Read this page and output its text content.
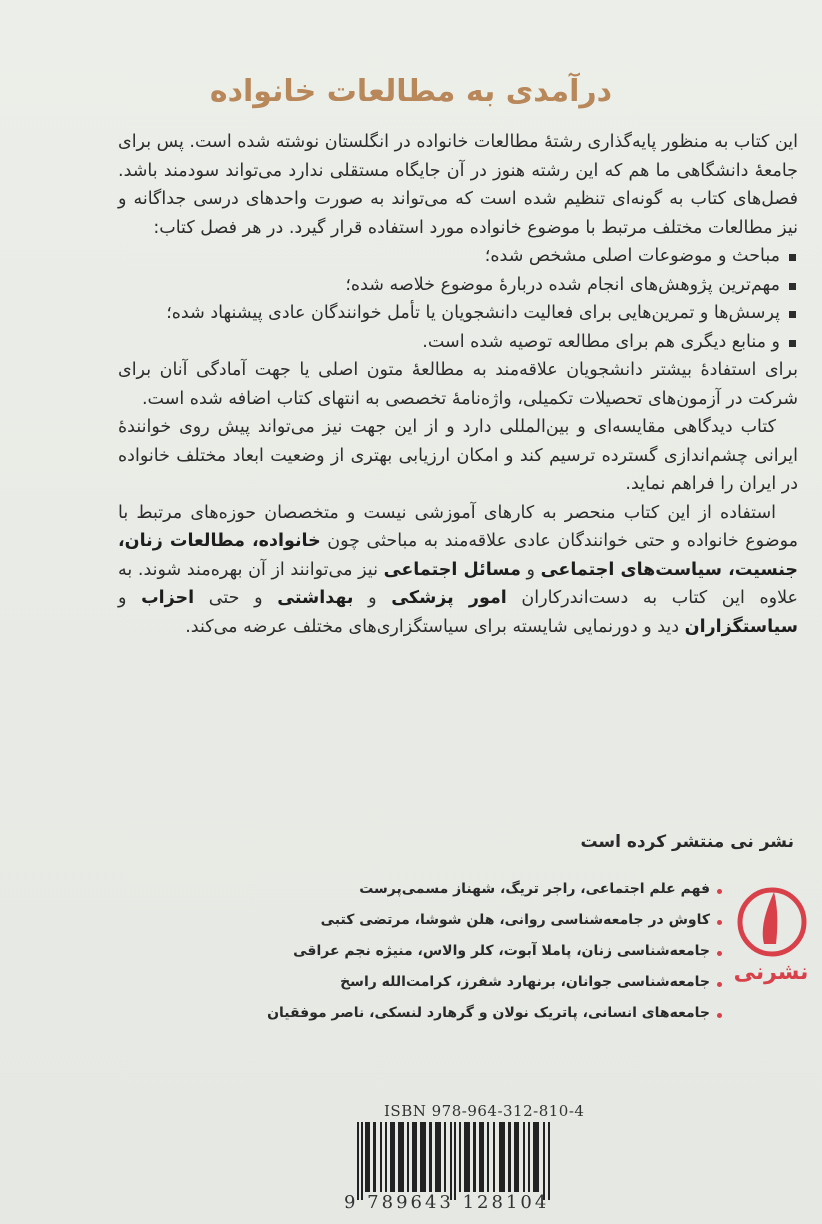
درآمدی به مطالعات خانواده

این کتاب به منظور پایه‌گذاری رشتهٔ مطالعات خانواده در انگلستان نوشته شده است. پس برای جامعهٔ دانشگاهی ما هم که این رشته هنوز در آن جایگاه مستقلی ندارد می‌تواند سودمند باشد. فصل‌های کتاب به گونه‌ای تنظیم شده است که می‌تواند به صورت واحدهای درسی جداگانه و نیز مطالعات مختلف مرتبط با موضوع خانواده مورد استفاده قرار گیرد. در هر فصل کتاب:

مباحث و موضوعات اصلی مشخص شده؛
مهم‌ترین پژوهش‌های انجام شده دربارهٔ موضوع خلاصه شده؛
پرسش‌ها و تمرین‌هایی برای فعالیت دانشجویان یا تأمل خوانندگان عادی پیشنهاد شده؛
و منابع دیگری هم برای مطالعه توصیه شده است.

برای استفادهٔ بیشتر دانشجویان علاقه‌مند به مطالعهٔ متون اصلی یا جهت آمادگی آنان برای شرکت در آزمون‌های تحصیلات تکمیلی، واژه‌نامهٔ تخصصی به انتهای کتاب اضافه شده است.

کتاب دیدگاهی مقایسه‌ای و بین‌المللی دارد و از این جهت نیز می‌تواند پیش روی خوانندهٔ ایرانی چشم‌اندازی گسترده ترسیم کند و امکان ارزیابی بهتری از وضعیت ابعاد مختلف خانواده در ایران را فراهم نماید.

استفاده از این کتاب منحصر به کارهای آموزشی نیست و متخصصان حوزه‌های مرتبط با موضوع خانواده و حتی خوانندگان عادی علاقه‌مند به مباحثی چون خانواده، مطالعات زنان، جنسیت، سیاست‌های اجتماعی و مسائل اجتماعی نیز می‌توانند از آن بهره‌مند شوند. به علاوه این کتاب به دست‌اندرکاران امور پزشکی و بهداشتی و حتی احزاب و سیاستگزاران دید و دورنمایی شایسته برای سیاستگزاری‌های مختلف عرضه می‌کند.

نشر نی منتشر کرده است
فهم علم اجتماعی، راجر تریگ، شهناز مسمی‌پرست
کاوش در جامعه‌شناسی روانی، هلن شوشا، مرتضی کتبی
جامعه‌شناسی زنان، پاملا آبوت، کلر والاس، منیژه نجم عراقی
جامعه‌شناسی جوانان، برنهارد شفرز، کرامت‌الله راسخ
جامعه‌های انسانی، پاتریک نولان و گرهارد لنسکی، ناصر موفقیان
نشرنی
ISBN 978-964-312-810-4
9 789643 128104
